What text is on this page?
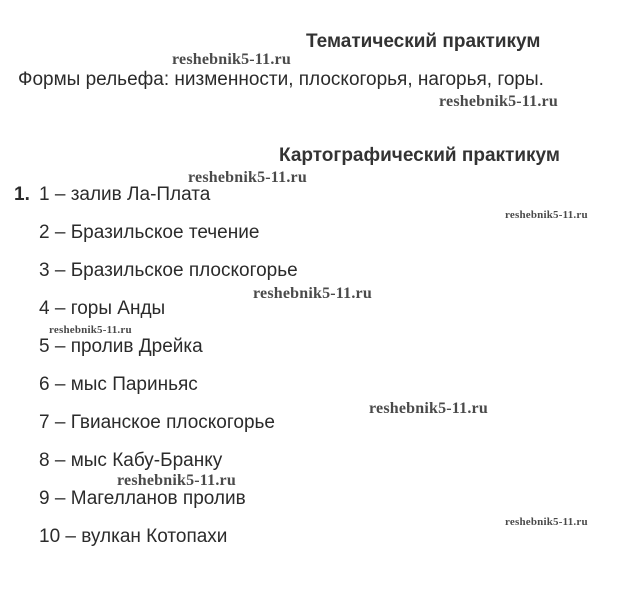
Тематический практикум
Формы рельефа: низменности, плоскогорья, нагорья, горы.
Картографический практикум
1. 1 – залив Ла-Плата
2 – Бразильское течение
3 – Бразильское плоскогорье
4 – горы Анды
5 – пролив Дрейка
6 – мыс Париньяс
7 – Гвианское плоскогорье
8 – мыс Кабу-Бранку
9 – Магелланов пролив
10 – вулкан Котопахи
reshebnik5-11.ru
reshebnik5-11.ru
reshebnik5-11.ru
reshebnik5-11.ru
reshebnik5-11.ru
reshebnik5-11.ru
reshebnik5-11.ru
reshebnik5-11.ru
reshebnik5-11.ru
